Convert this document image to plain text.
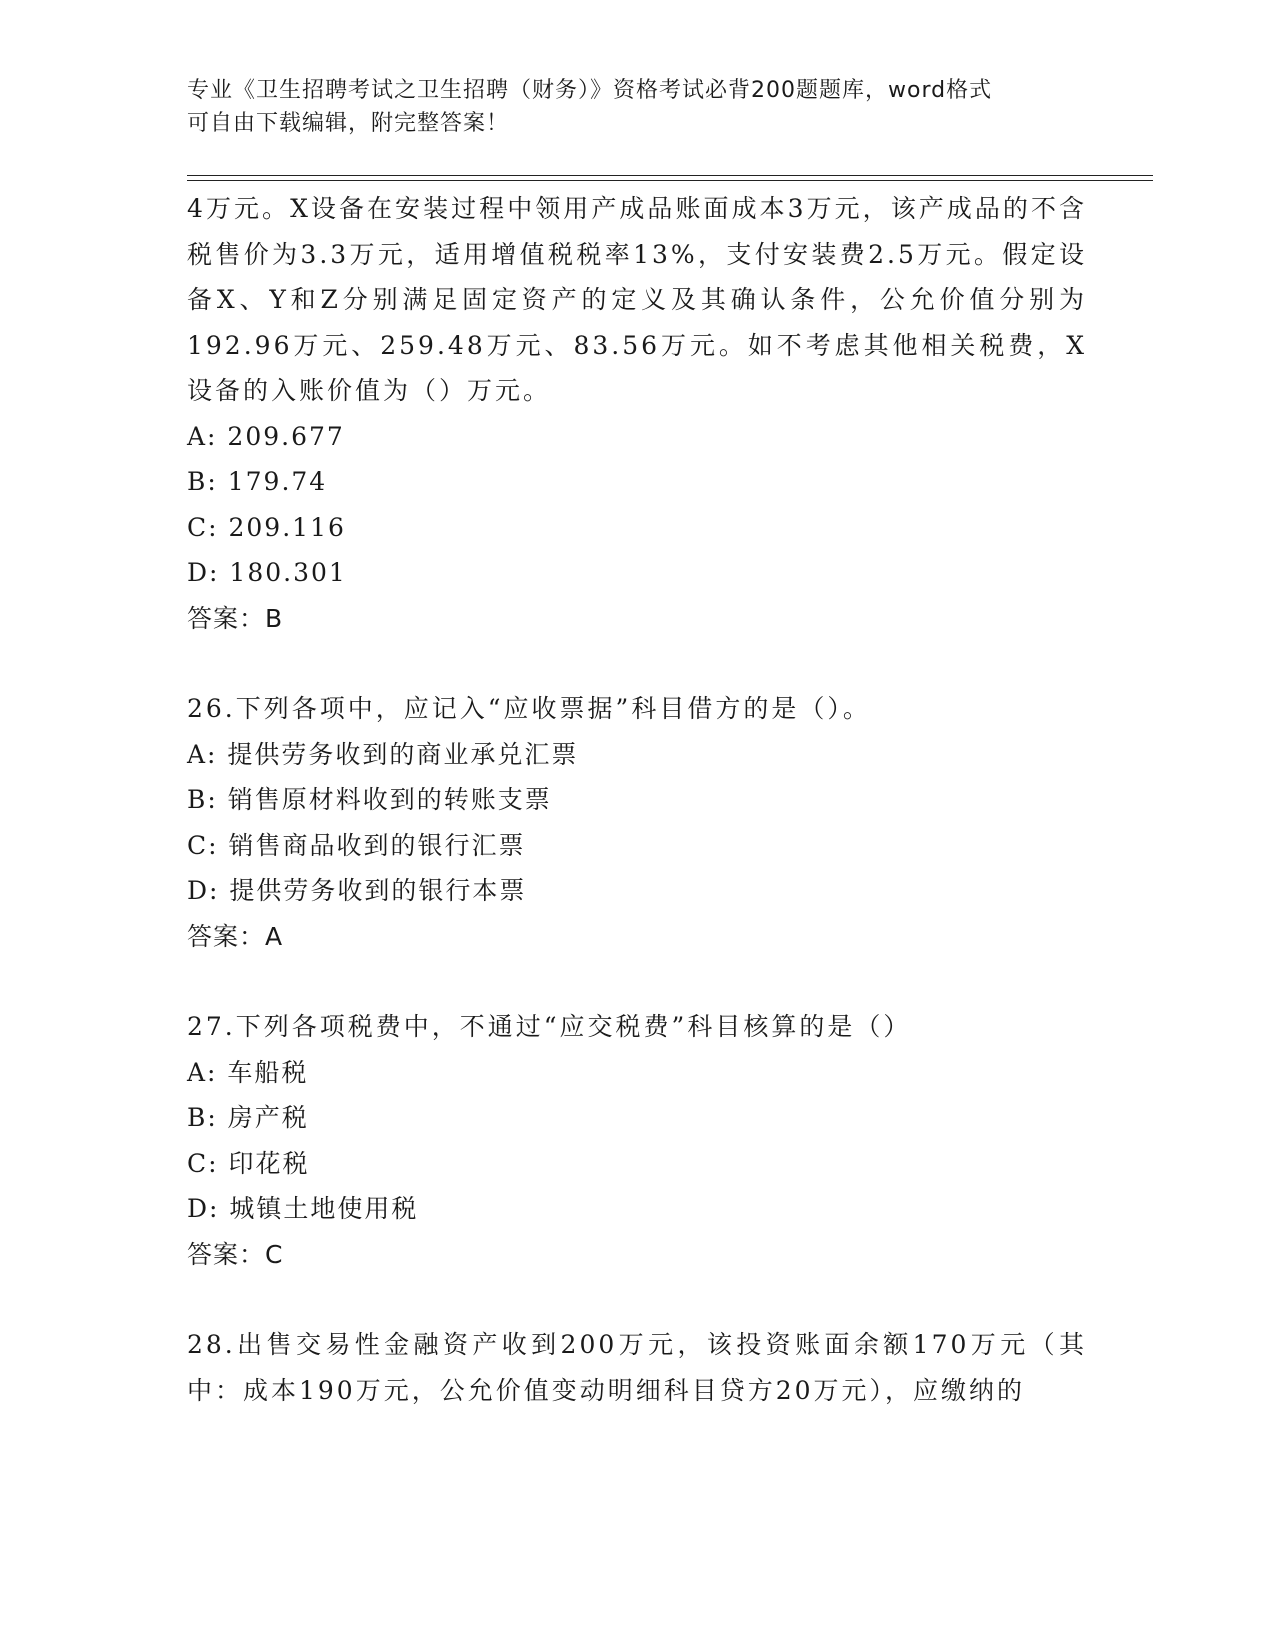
专业《卫生招聘考试之卫生招聘（财务）》资格考试必背200题题库，word格式
可自由下载编辑，附完整答案！
4万元。X设备在安装过程中领用产成品账面成本3万元，该产成品的不含税售价为3.3万元，适用增值税税率13%，支付安装费2.5万元。假定设备X、Y和Z分别满足固定资产的定义及其确认条件，公允价值分别为192.96万元、259.48万元、83.56万元。如不考虑其他相关税费，X设备的入账价值为（）万元。
A: 209.677
B: 179.74
C: 209.116
D: 180.301
答案：B
26.下列各项中，应记入“应收票据”科目借方的是（）。
A: 提供劳务收到的商业承兑汇票
B: 销售原材料收到的转账支票
C: 销售商品收到的银行汇票
D: 提供劳务收到的银行本票
答案：A
27.下列各项税费中，不通过“应交税费”科目核算的是（）
A: 车船税
B: 房产税
C: 印花税
D: 城镇土地使用税
答案：C
28.出售交易性金融资产收到200万元，该投资账面余额170万元（其中：成本190万元，公允价值变动明细科目贷方20万元），应缴纳的
